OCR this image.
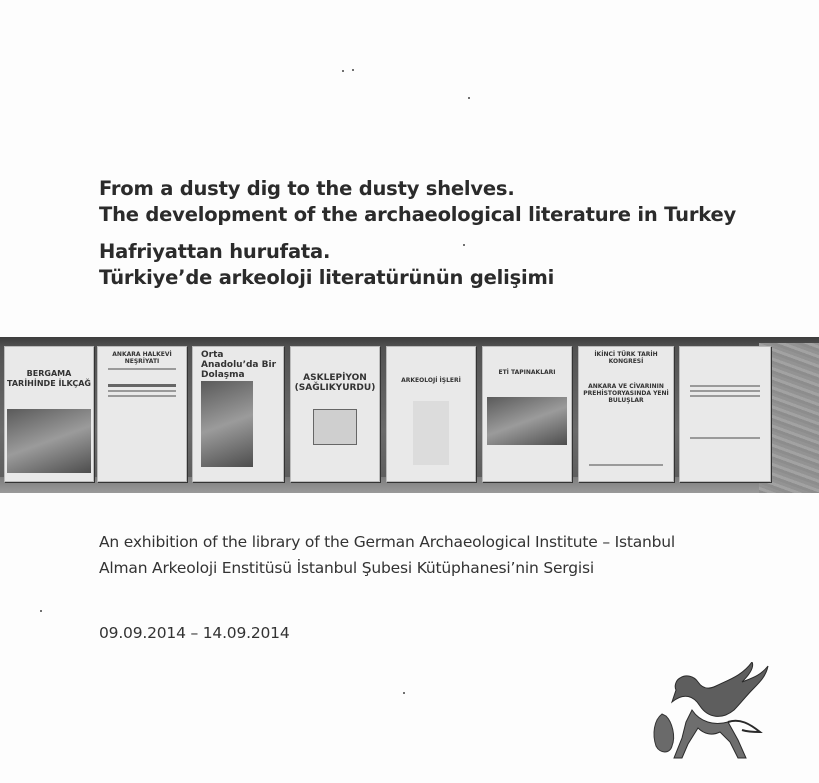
From a dusty dig to the dusty shelves.
The development of the archaeological literature in Turkey
Hafriyattan hurufata.
Türkiye’de arkeoloji literatürünün gelişimi
BERGAMA TARİHİNDE İLKÇAĞ
ANKARA HALKEVİ NEŞRİYATI
Orta Anadolu’da Bir Dolaşma	ASKLEPİYON (SAĞLIKYURDU)
ARKEOLOJİ İŞLERİ
ETİ TAPINAKLARI
İKİNCİ TÜRK TARİH KONGRESİ
ANKARA VE CİVARININ PREHİSTORYASINDA YENİ BULUŞLAR
An exhibition of the library of the German Archaeological Institute – Istanbul
Alman Arkeoloji Enstitüsü İstanbul Şubesi Kütüphanesi’nin Sergisi
09.09.2014 – 14.09.2014
